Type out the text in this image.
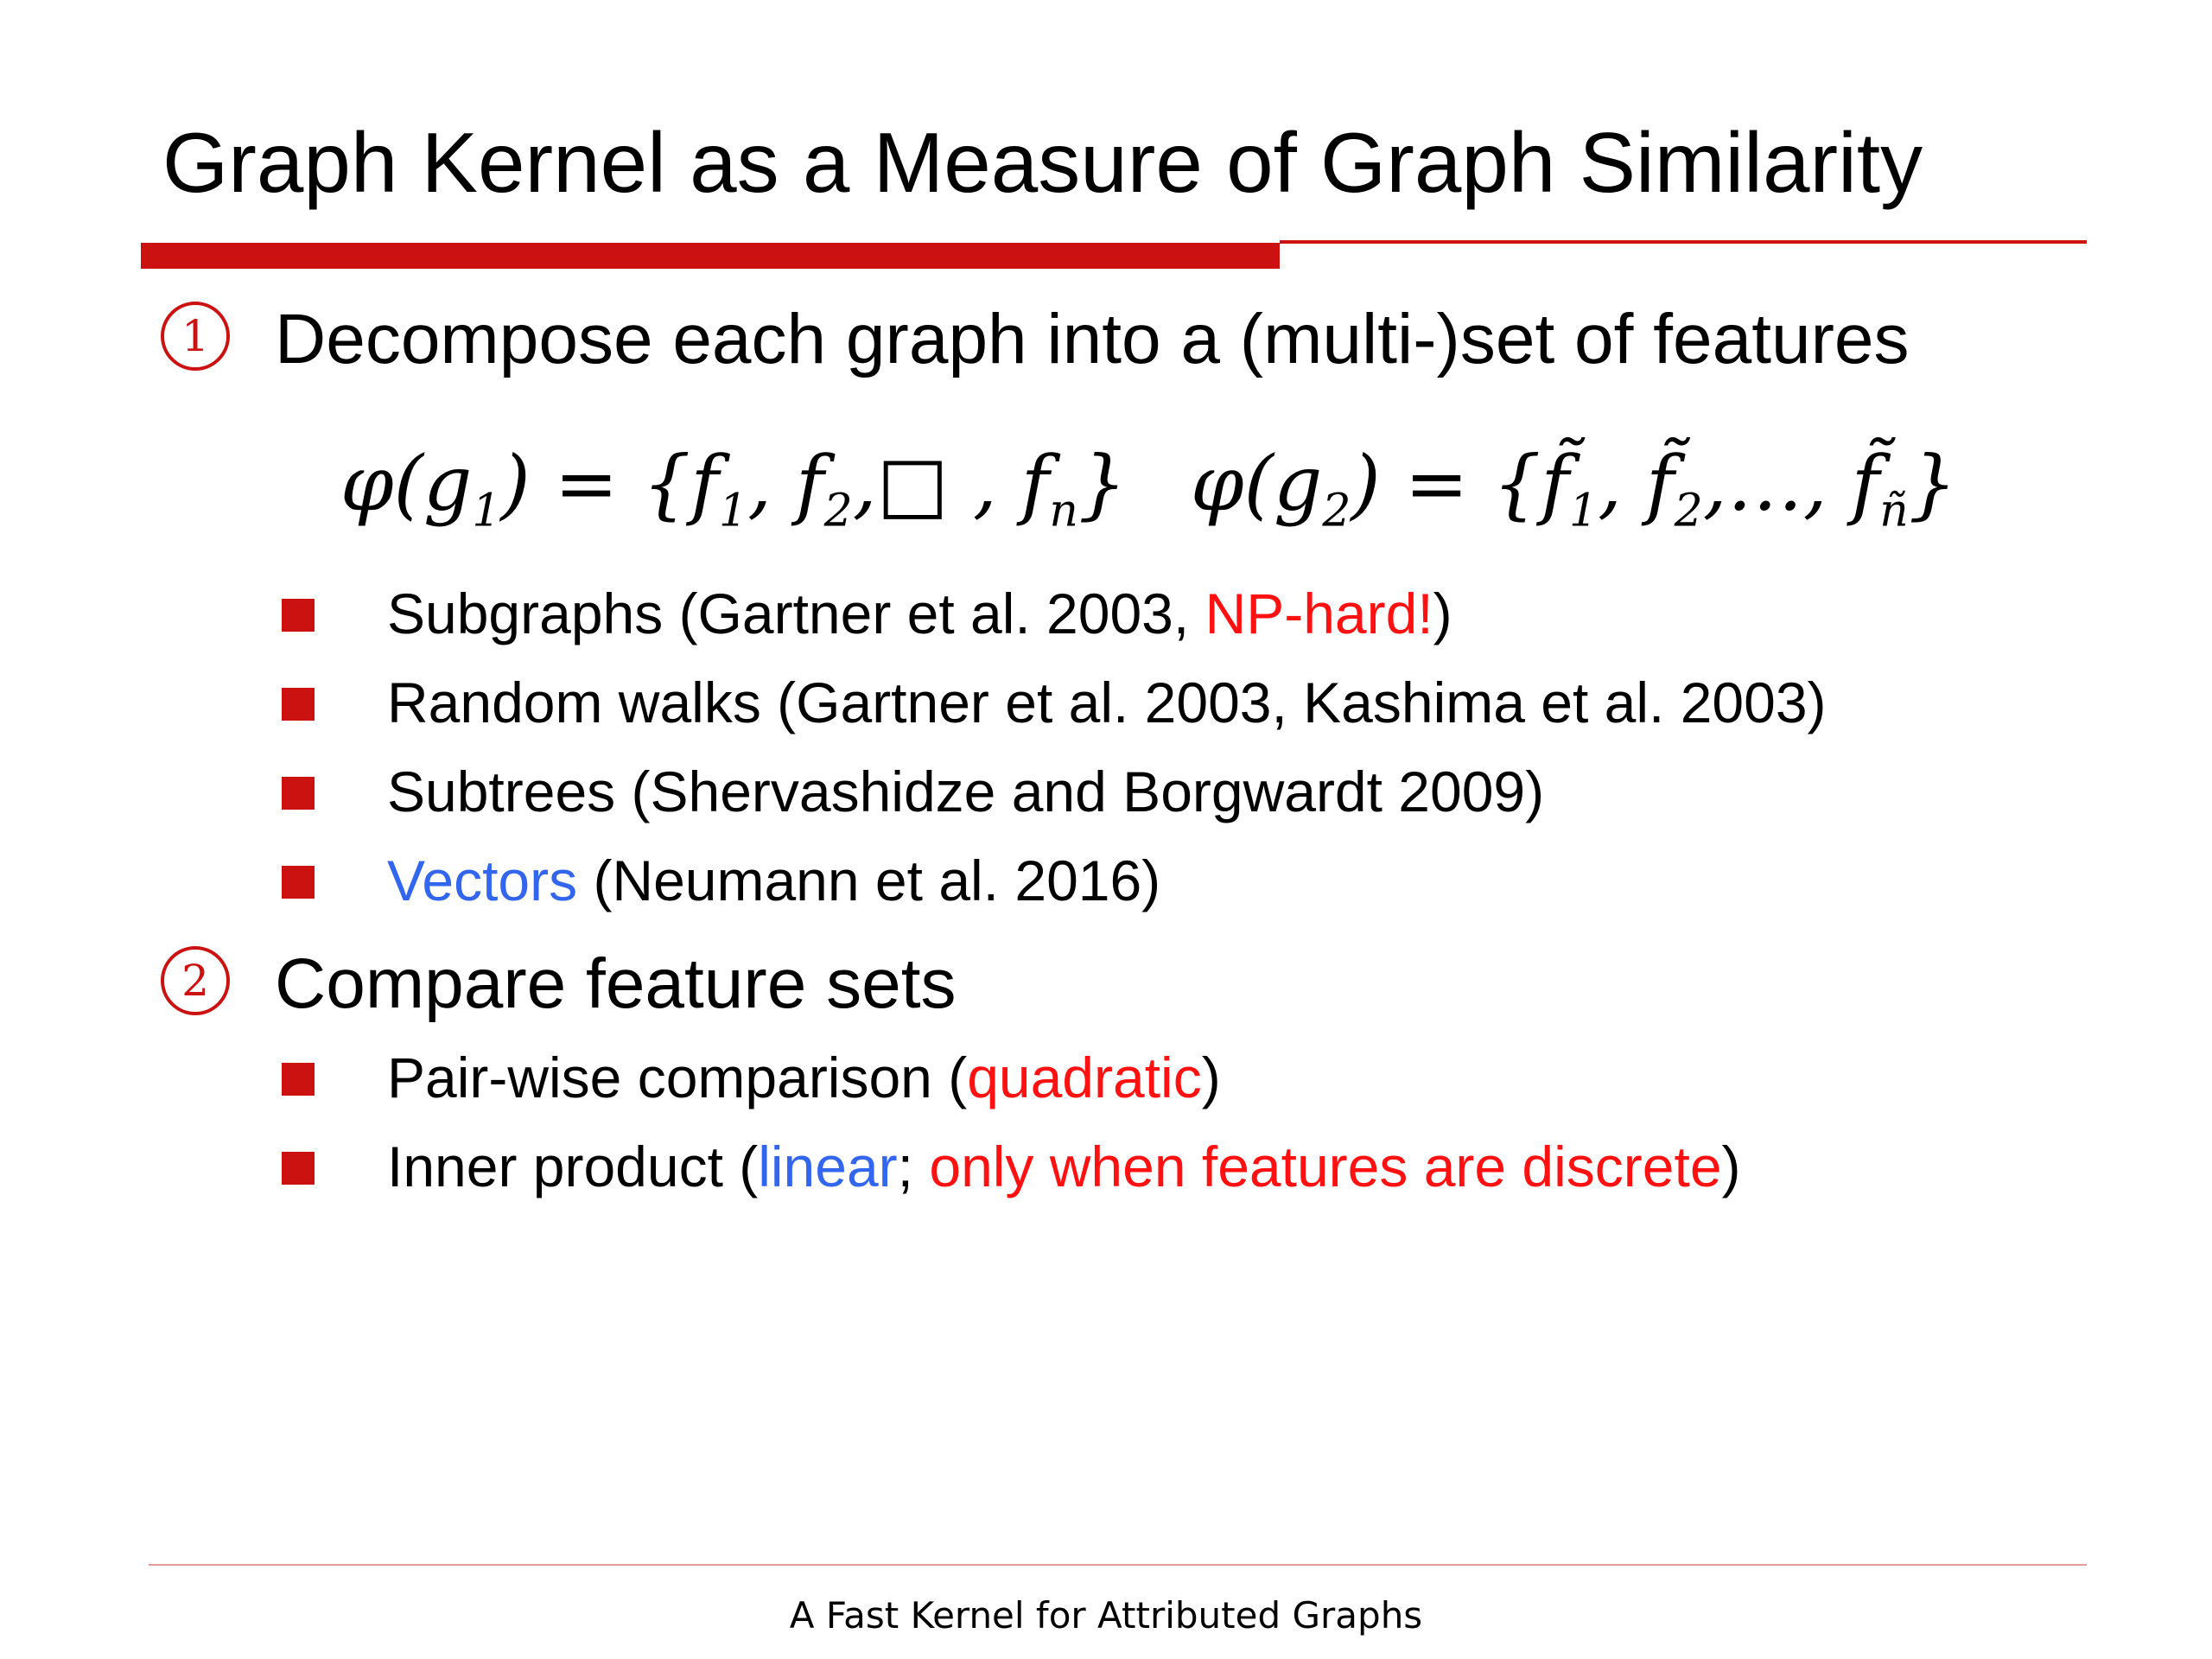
Graph Kernel as a Measure of Graph Similarity
1 Decompose each graph into a (multi-)set of features
$\varphi(g_1) = \{f_1$, $f_2,□$ , $f_n$} $\varphi(g_2)$ = {$f̃_1$, $f̃_2,\dots$, $f̃_ñ$}
Subgraphs (Gartner et al. 2003, NP-hard!)
Random walks (Gartner et al. 2003, Kashima et al. 2003)
Subtrees (Shervashidze and Borgwardt 2009)
Vectors (Neumann et al. 2016)
2 Compare feature sets
Pair-wise comparison (quadratic)
Inner product (linear; only when features are discrete)
A Fast Kernel for Attributed Graphs
